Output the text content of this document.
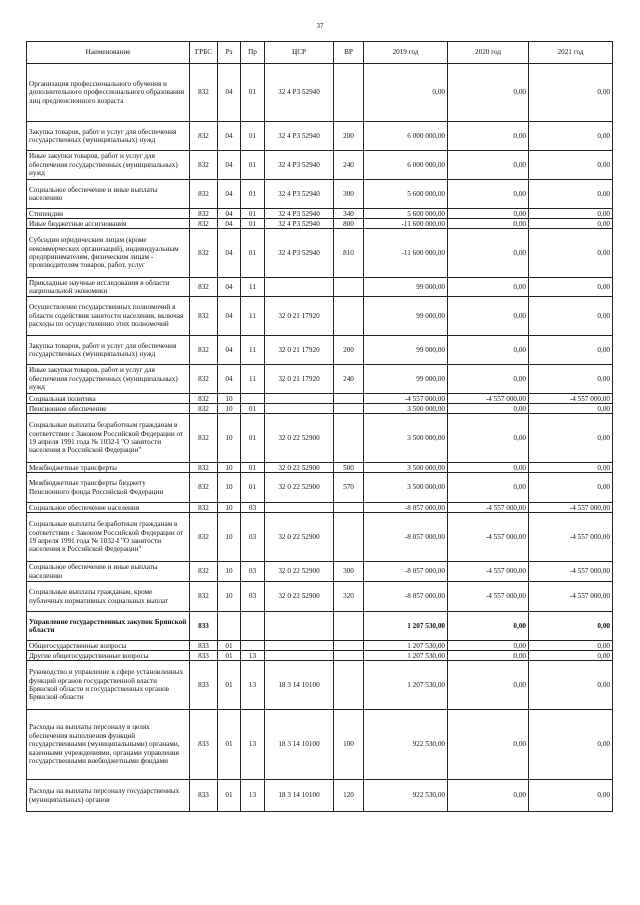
37
Наименование	ГРБС	Рз	Пр	ЦСР	ВР	2019 год	2020 год	2021 год
Организация профессионального обучения и дополнительного профессионального образования лиц предпенсионного возраста	832	04	01	32 4 P3 52940		0,00	0,00	0,00
Закупка товаров, работ и услуг для обеспечения государственных (муниципальных) нужд	832	04	01	32 4 P3 52940	200	6 000 000,00	0,00	0,00
Иные закупки товаров, работ и услуг для обеспечения государственных (муниципальных) нужд	832	04	01	32 4 P3 52940	240	6 000 000,00	0,00	0,00
Социальное обеспечение и иные выплаты населению	832	04	01	32 4 P3 52940	300	5 600 000,00	0,00	0,00
Стипендии	832	04	01	32 4 P3 52940	340	5 600 000,00	0,00	0,00
Иные бюджетные ассигнования	832	04	01	32 4 P3 52940	800	-11 600 000,00	0,00	0,00
Субсидии юридическим лицам (кроме некоммерческих организаций), индивидуальным предпринимателям, физическим лицам - производителям товаров, работ, услуг	832	04	01	32 4 P3 52940	810	-11 600 000,00	0,00	0,00
Прикладные научные исследования в области национальной экономики	832	04	11			99 000,00	0,00	0,00
Осуществление государственных полномочий в области содействия занятости населения, включая расходы по осуществлению этих полномочий	832	04	11	32 0 21 17920		99 000,00	0,00	0,00
Закупка товаров, работ и услуг для обеспечения государственных (муниципальных) нужд	832	04	11	32 0 21 17920	200	99 000,00	0,00	0,00
Иные закупки товаров, работ и услуг для обеспечения государственных (муниципальных) нужд	832	04	11	32 0 21 17920	240	99 000,00	0,00	0,00
Социальная политика	832	10				-4 557 000,00	-4 557 000,00	-4 557 000,00
Пенсионное обеспечение	832	10	01			3 500 000,00	0,00	0,00
Социальные выплаты безработным гражданам в соответствии с Законом Российской Федерации от 19 апреля 1991 года № 1032-I "О занятости населения в Российской Федерации"	832	10	01	32 0 22 52900		3 500 000,00	0,00	0,00
Межбюджетные трансферты	832	10	01	32 0 22 52900	500	3 500 000,00	0,00	0,00
Межбюджетные трансферты бюджету Пенсионного фонда Российской Федерации	832	10	01	32 0 22 52900	570	3 500 000,00	0,00	0,00
Социальное обеспечение населения	832	10	03			-8 057 000,00	-4 557 000,00	-4 557 000,00
Социальные выплаты безработным гражданам в соответствии с Законом Российской Федерации от 19 апреля 1991 года № 1032-I "О занятости населения в Российской Федерации"	832	10	03	32 0 22 52900		-8 057 000,00	-4 557 000,00	-4 557 000,00
Социальное обеспечение и иные выплаты населению	832	10	03	32 0 22 52900	300	-8 057 000,00	-4 557 000,00	-4 557 000,00
Социальные выплаты гражданам, кроме публичных нормативных социальных выплат	832	10	03	32 0 22 52900	320	-8 057 000,00	-4 557 000,00	-4 557 000,00
Управление государственных закупок Брянской области	833					1 207 530,00	0,00	0,00
Общегосударственные вопросы	833	01				1 207 530,00	0,00	0,00
Другие общегосударственные вопросы	833	01	13			1 207 530,00	0,00	0,00
Руководство и управление в сфере установленных функций органов государственной власти Брянской области и государственных органов Брянской области	833	01	13	18 3 14 10100		1 207 530,00	0,00	0,00
Расходы на выплаты персоналу в целях обеспечения выполнения функций государственными (муниципальными) органами, казенными учреждениями, органами управления государственными внебюджетными фондами	833	01	13	18 3 14 10100	100	922 530,00	0,00	0,00
Расходы на выплаты персоналу государственных (муниципальных) органов	833	01	13	18 3 14 10100	120	922 530,00	0,00	0,00
